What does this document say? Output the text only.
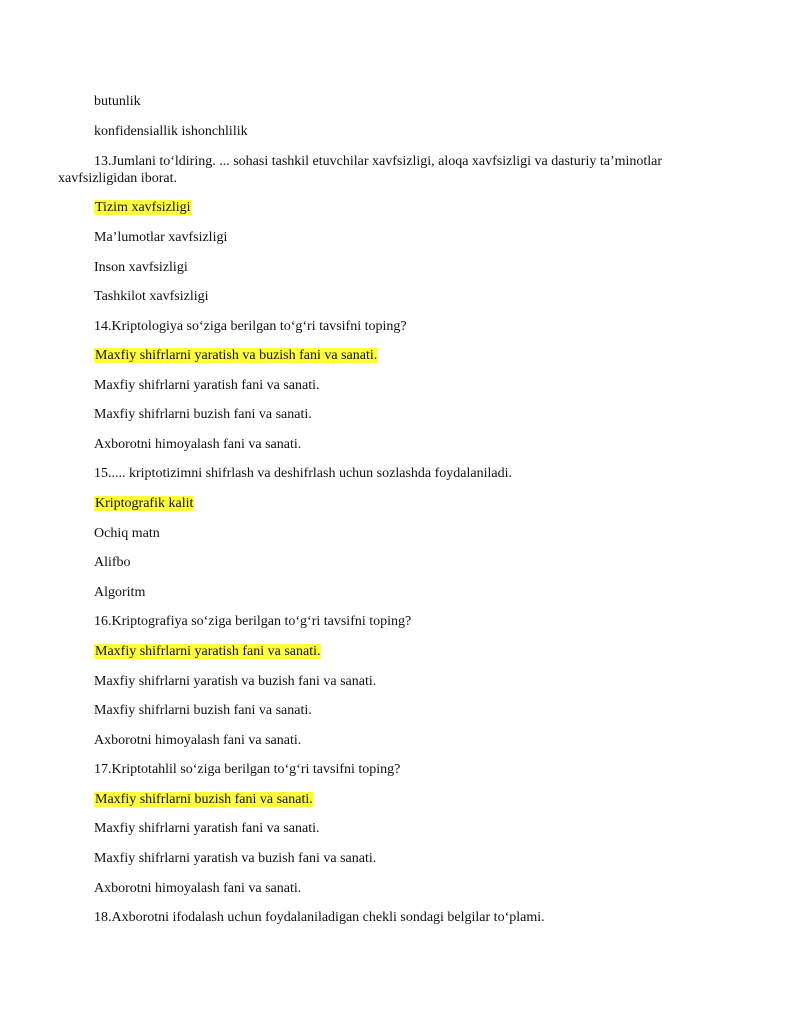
butunlik
konfidensiallik ishonchlilik
13.Jumlani to‘ldiring. ... sohasi tashkil etuvchilar xavfsizligi, aloqa xavfsizligi va dasturiy ta’minotlar
xavfsizligidan iborat.
Tizim xavfsizligi
Ma’lumotlar xavfsizligi
Inson xavfsizligi
Tashkilot xavfsizligi
14.Kriptologiya so‘ziga berilgan to‘g‘ri tavsifni toping?
Maxfiy shifrlarni yaratish va buzish fani va sanati.
Maxfiy shifrlarni yaratish fani va sanati.
Maxfiy shifrlarni buzish fani va sanati.
Axborotni himoyalash fani va sanati.
15..... kriptotizimni shifrlash va deshifrlash uchun sozlashda foydalaniladi.
Kriptografik kalit
Ochiq matn
Alifbo
Algoritm
16.Kriptografiya so‘ziga berilgan to‘g‘ri tavsifni toping?
Maxfiy shifrlarni yaratish fani va sanati.
Maxfiy shifrlarni yaratish va buzish fani va sanati.
Maxfiy shifrlarni buzish fani va sanati.
Axborotni himoyalash fani va sanati.
17.Kriptotahlil so‘ziga berilgan to‘g‘ri tavsifni toping?
Maxfiy shifrlarni buzish fani va sanati.
Maxfiy shifrlarni yaratish fani va sanati.
Maxfiy shifrlarni yaratish va buzish fani va sanati.
Axborotni himoyalash fani va sanati.
18.Axborotni ifodalash uchun foydalaniladigan chekli sondagi belgilar to‘plami.
